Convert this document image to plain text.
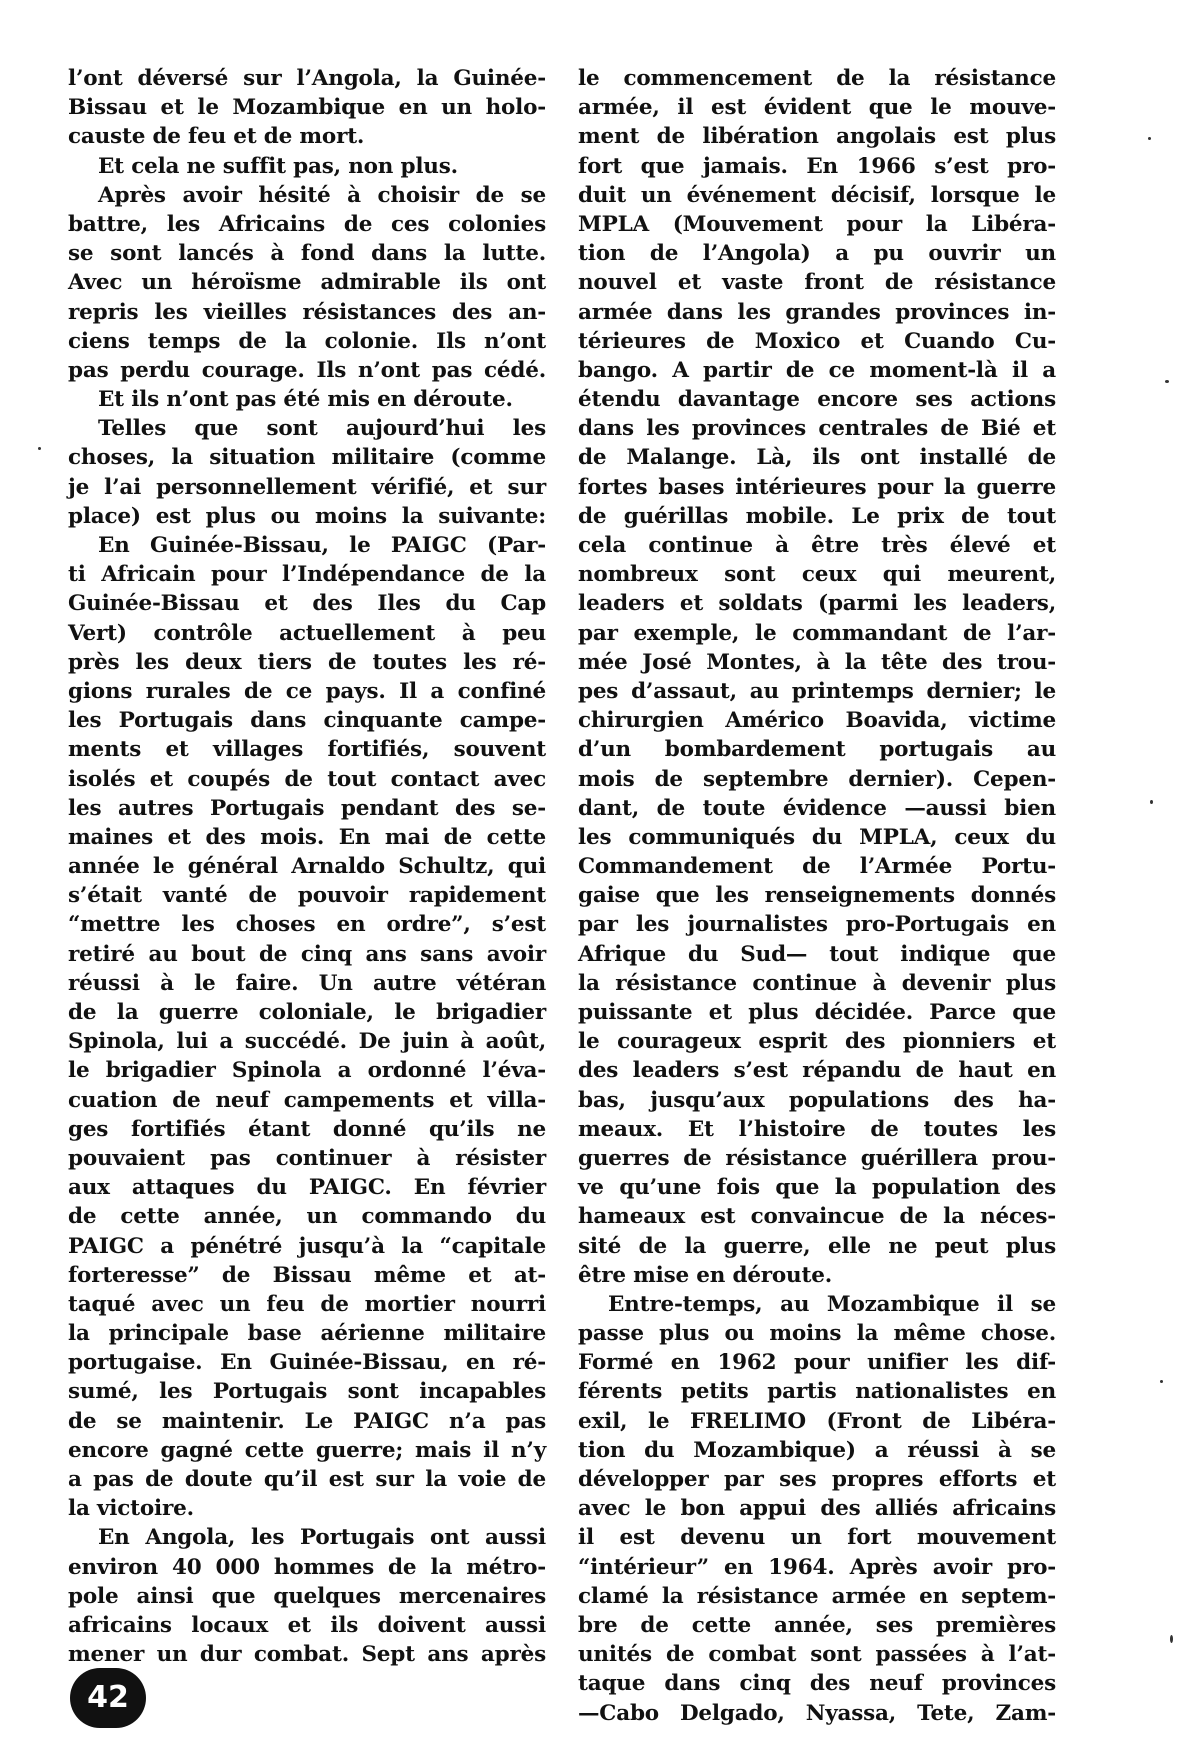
l’ont déversé sur l’Angola, la Guinée-
Bissau et le Mozambique en un holo-
causte de feu et de mort.
Et cela ne suffit pas, non plus.
Après avoir hésité à choisir de se
battre, les Africains de ces colonies
se sont lancés à fond dans la lutte.
Avec un héroïsme admirable ils ont
repris les vieilles résistances des an-
ciens temps de la colonie. Ils n’ont
pas perdu courage. Ils n’ont pas cédé.
Et ils n’ont pas été mis en déroute.
Telles que sont aujourd’hui les
choses, la situation militaire (comme
je l’ai personnellement vérifié, et sur
place) est plus ou moins la suivante:
En Guinée-Bissau, le PAIGC (Par-
ti Africain pour l’Indépendance de la
Guinée-Bissau et des Iles du Cap
Vert) contrôle actuellement à peu
près les deux tiers de toutes les ré-
gions rurales de ce pays. Il a confiné
les Portugais dans cinquante campe-
ments et villages fortifiés, souvent
isolés et coupés de tout contact avec
les autres Portugais pendant des se-
maines et des mois. En mai de cette
année le général Arnaldo Schultz, qui
s’était vanté de pouvoir rapidement
“mettre les choses en ordre”, s’est
retiré au bout de cinq ans sans avoir
réussi à le faire. Un autre vétéran
de la guerre coloniale, le brigadier
Spinola, lui a succédé. De juin à août,
le brigadier Spinola a ordonné l’éva-
cuation de neuf campements et villa-
ges fortifiés étant donné qu’ils ne
pouvaient pas continuer à résister
aux attaques du PAIGC. En février
de cette année, un commando du
PAIGC a pénétré jusqu’à la “capitale
forteresse” de Bissau même et at-
taqué avec un feu de mortier nourri
la principale base aérienne militaire
portugaise. En Guinée-Bissau, en ré-
sumé, les Portugais sont incapables
de se maintenir. Le PAIGC n’a pas
encore gagné cette guerre; mais il n’y
a pas de doute qu’il est sur la voie de
la victoire.
En Angola, les Portugais ont aussi
environ 40 000 hommes de la métro-
pole ainsi que quelques mercenaires
africains locaux et ils doivent aussi
mener un dur combat. Sept ans après
le commencement de la résistance
armée, il est évident que le mouve-
ment de libération angolais est plus
fort que jamais. En 1966 s’est pro-
duit un événement décisif, lorsque le
MPLA (Mouvement pour la Libéra-
tion de l’Angola) a pu ouvrir un
nouvel et vaste front de résistance
armée dans les grandes provinces in-
térieures de Moxico et Cuando Cu-
bango. A partir de ce moment-là il a
étendu davantage encore ses actions
dans les provinces centrales de Bié et
de Malange. Là, ils ont installé de
fortes bases intérieures pour la guerre
de guérillas mobile. Le prix de tout
cela continue à être très élevé et
nombreux sont ceux qui meurent,
leaders et soldats (parmi les leaders,
par exemple, le commandant de l’ar-
mée José Montes, à la tête des trou-
pes d’assaut, au printemps dernier; le
chirurgien Américo Boavida, victime
d’un bombardement portugais au
mois de septembre dernier). Cepen-
dant, de toute évidence —aussi bien
les communiqués du MPLA, ceux du
Commandement de l’Armée Portu-
gaise que les renseignements donnés
par les journalistes pro-Portugais en
Afrique du Sud— tout indique que
la résistance continue à devenir plus
puissante et plus décidée. Parce que
le courageux esprit des pionniers et
des leaders s’est répandu de haut en
bas, jusqu’aux populations des ha-
meaux. Et l’histoire de toutes les
guerres de résistance guérillera prou-
ve qu’une fois que la population des
hameaux est convaincue de la néces-
sité de la guerre, elle ne peut plus
être mise en déroute.
Entre-temps, au Mozambique il se
passe plus ou moins la même chose.
Formé en 1962 pour unifier les dif-
férents petits partis nationalistes en
exil, le FRELIMO (Front de Libéra-
tion du Mozambique) a réussi à se
développer par ses propres efforts et
avec le bon appui des alliés africains
il est devenu un fort mouvement
“intérieur” en 1964. Après avoir pro-
clamé la résistance armée en septem-
bre de cette année, ses premières
unités de combat sont passées à l’at-
taque dans cinq des neuf provinces
—Cabo Delgado, Nyassa, Tete, Zam-
42
